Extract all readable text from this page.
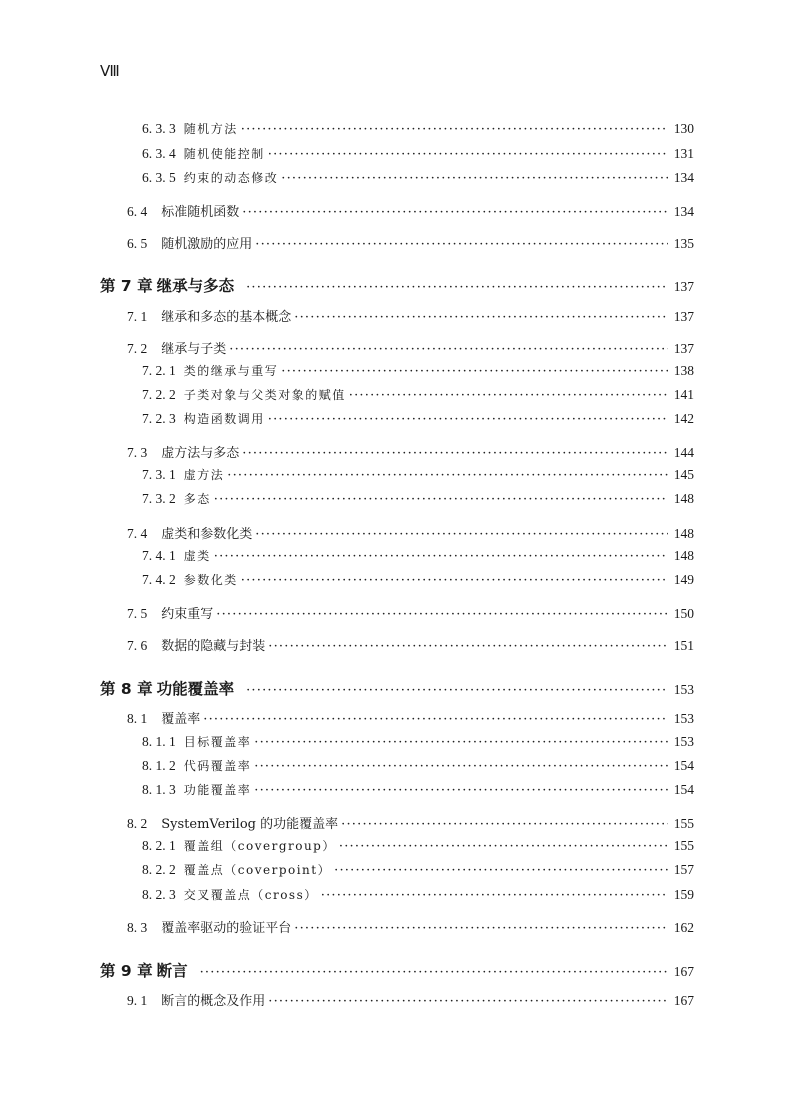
Ⅷ
6. 3. 3 随机方法 ·····	130
6. 3. 4 随机使能控制 ·····	131
6. 3. 5 约束的动态修改 ·····	134
6. 4 标准随机函数 ·····	134
6. 5 随机激励的应用 ·····	135
第 7 章 继承与多态 ·····	137
7. 1 继承和多态的基本概念 ·····	137
7. 2 继承与子类 ·····	137
7. 2. 1 类的继承与重写 ·····	138
7. 2. 2 子类对象与父类对象的赋值 ·····	141
7. 2. 3 构造函数调用 ·····	142
7. 3 虚方法与多态 ·····	144
7. 3. 1 虚方法 ·····	145
7. 3. 2 多态 ·····	148
7. 4 虚类和参数化类 ·····	148
7. 4. 1 虚类 ·····	148
7. 4. 2 参数化类 ·····	149
7. 5 约束重写 ·····	150
7. 6 数据的隐藏与封装 ·····	151
第 8 章 功能覆盖率 ·····	153
8. 1 覆盖率 ·····	153
8. 1. 1 目标覆盖率 ·····	153
8. 1. 2 代码覆盖率 ·····	154
8. 1. 3 功能覆盖率 ·····	154
8. 2 SystemVerilog 的功能覆盖率 ·····	155
8. 2. 1 覆盖组（covergroup） ·····	155
8. 2. 2 覆盖点（coverpoint） ·····	157
8. 2. 3 交叉覆盖点（cross） ·····	159
8. 3 覆盖率驱动的验证平台 ·····	162
第 9 章 断言 ·····	167
9. 1 断言的概念及作用 ·····	167
